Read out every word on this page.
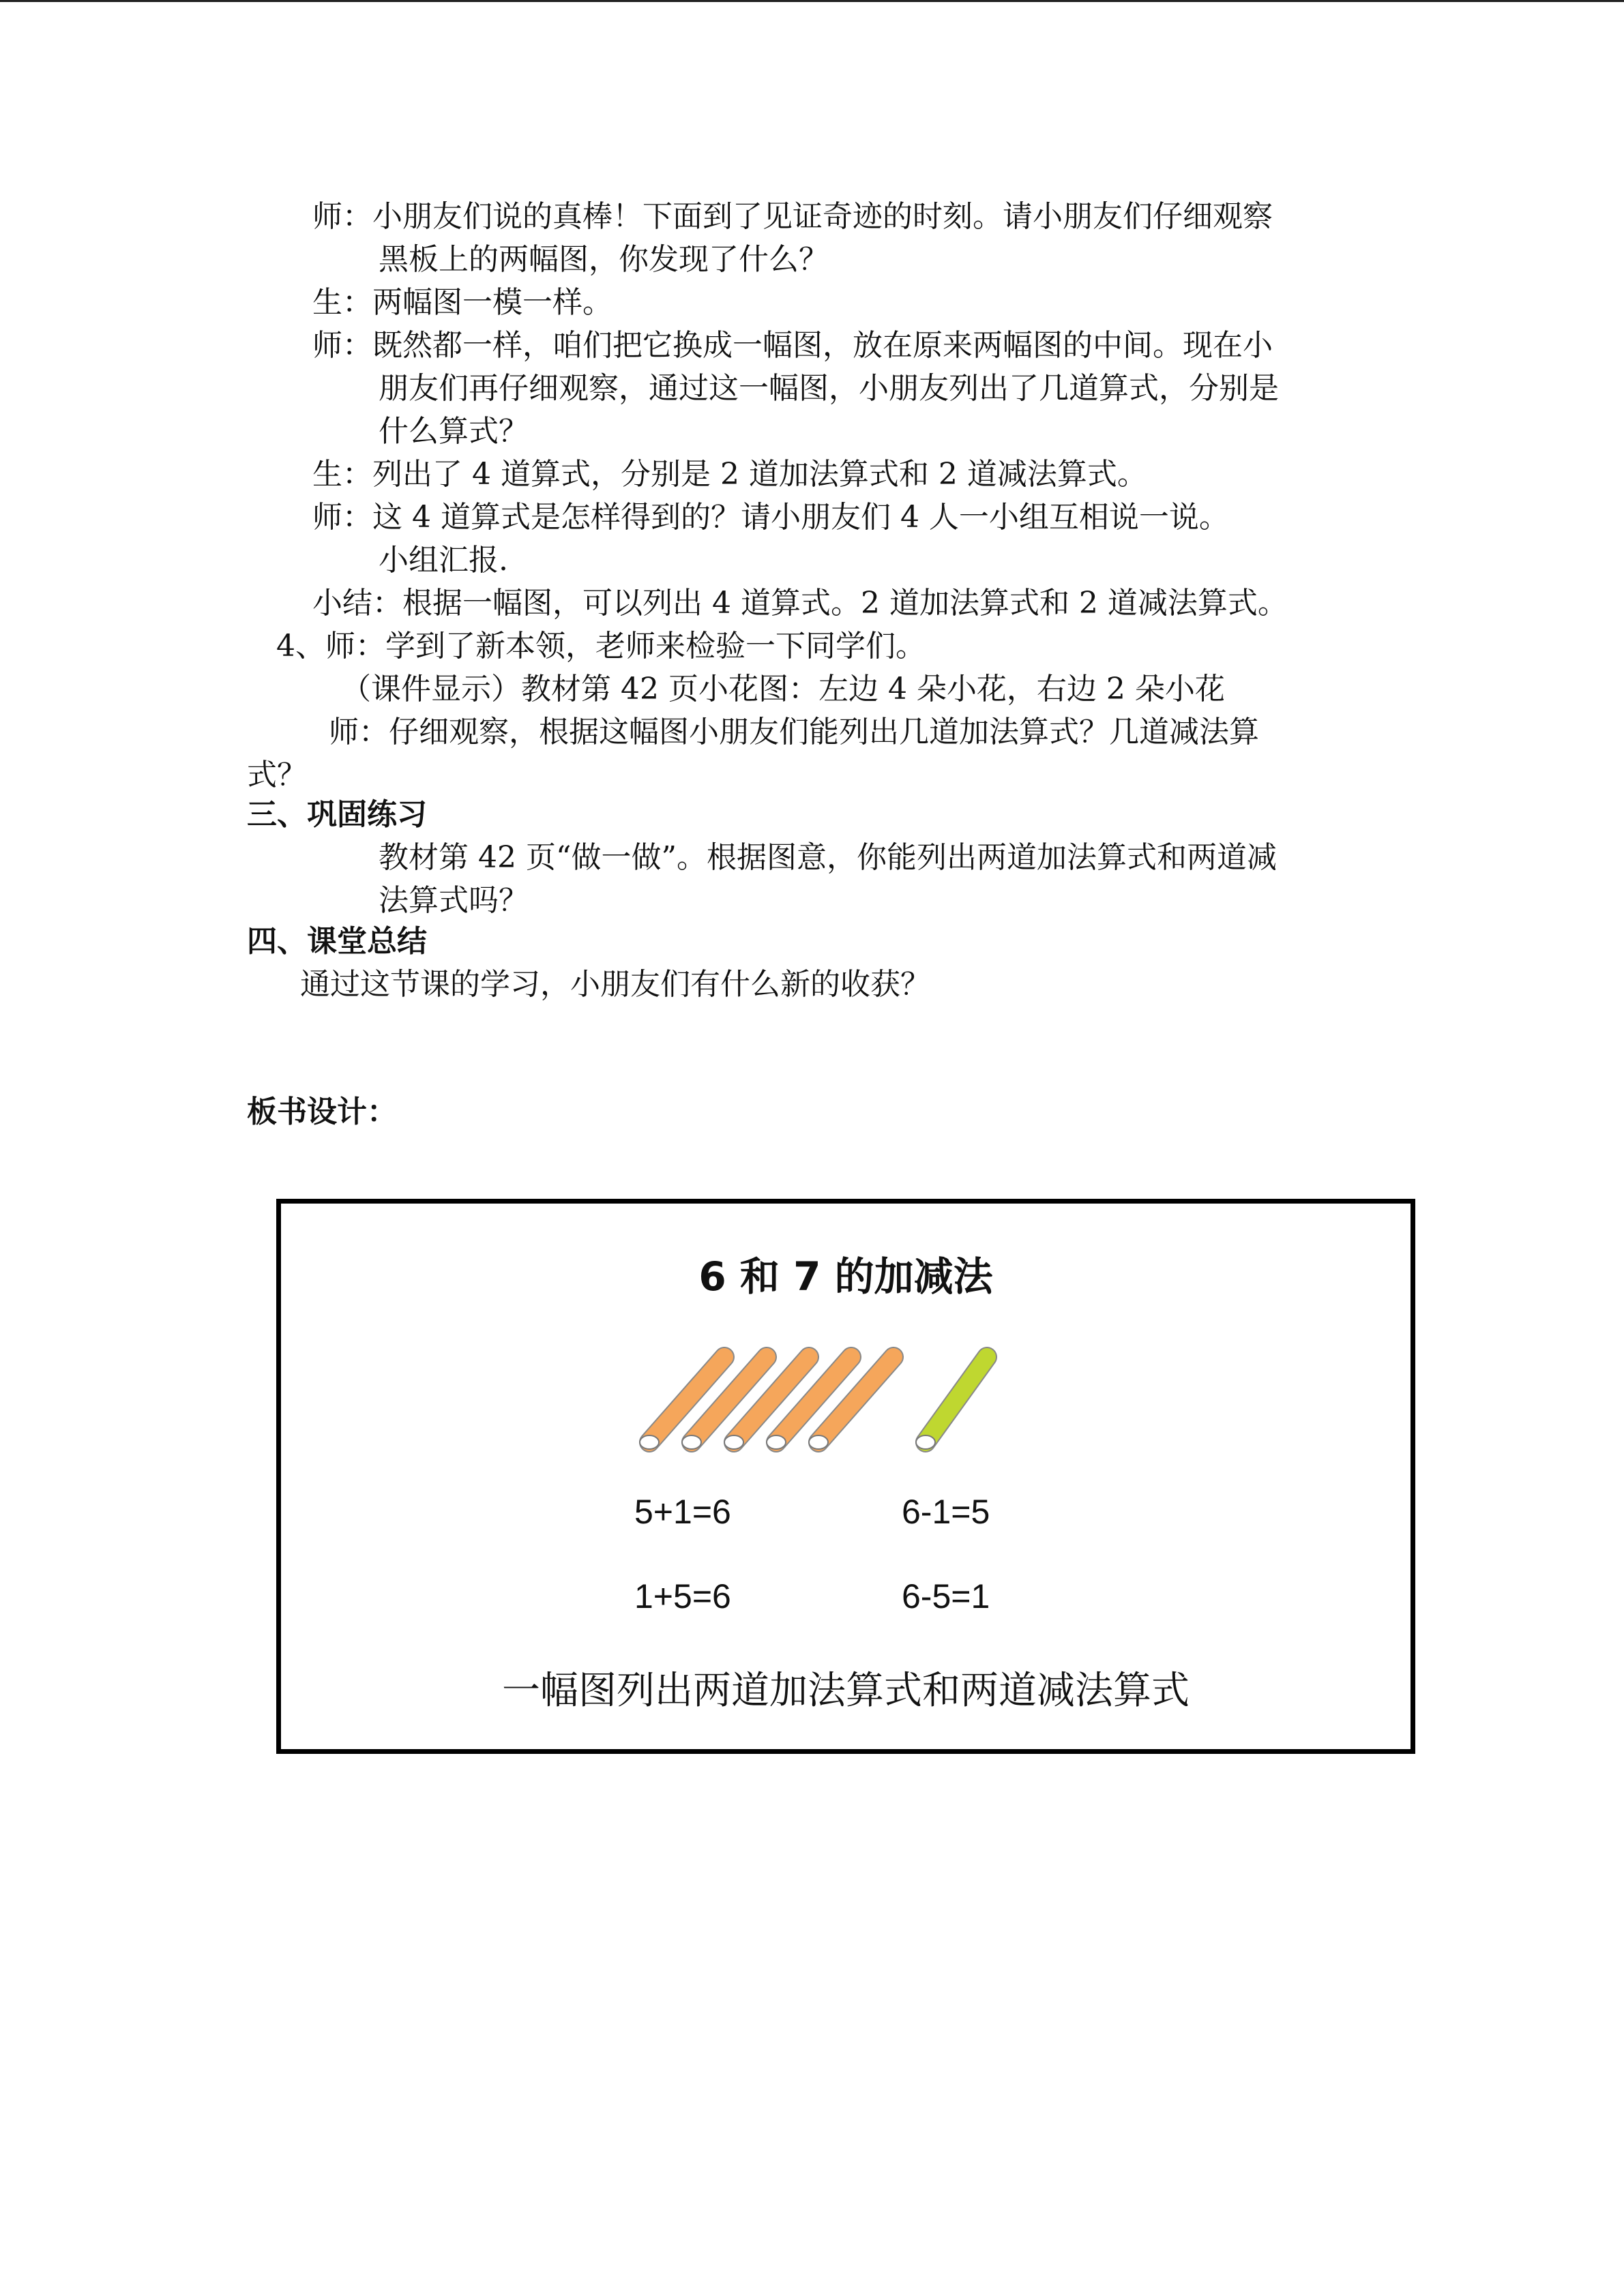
师：小朋友们说的真棒！下面到了见证奇迹的时刻。请小朋友们仔细观察
黑板上的两幅图，你发现了什么？
生：两幅图一模一样。
师：既然都一样，咱们把它换成一幅图，放在原来两幅图的中间。现在小
朋友们再仔细观察，通过这一幅图，小朋友列出了几道算式，分别是
什么算式？
生：列出了 4 道算式，分别是 2 道加法算式和 2 道减法算式。
师：这 4 道算式是怎样得到的？请小朋友们 4 人一小组互相说一说。
小组汇报.
小结：根据一幅图，可以列出 4 道算式。2 道加法算式和 2 道减法算式。
4、师：学到了新本领，老师来检验一下同学们。
（课件显示）教材第 42 页小花图：左边 4 朵小花，右边 2 朵小花
师：仔细观察，根据这幅图小朋友们能列出几道加法算式？几道减法算
式？
三、巩固练习
教材第 42 页“做一做”。根据图意，你能列出两道加法算式和两道减
法算式吗？
四、课堂总结
通过这节课的学习，小朋友们有什么新的收获？
板书设计：
6 和 7 的加减法
5+1=6	6-1=5
1+5=6	6-5=1
一幅图列出两道加法算式和两道减法算式
